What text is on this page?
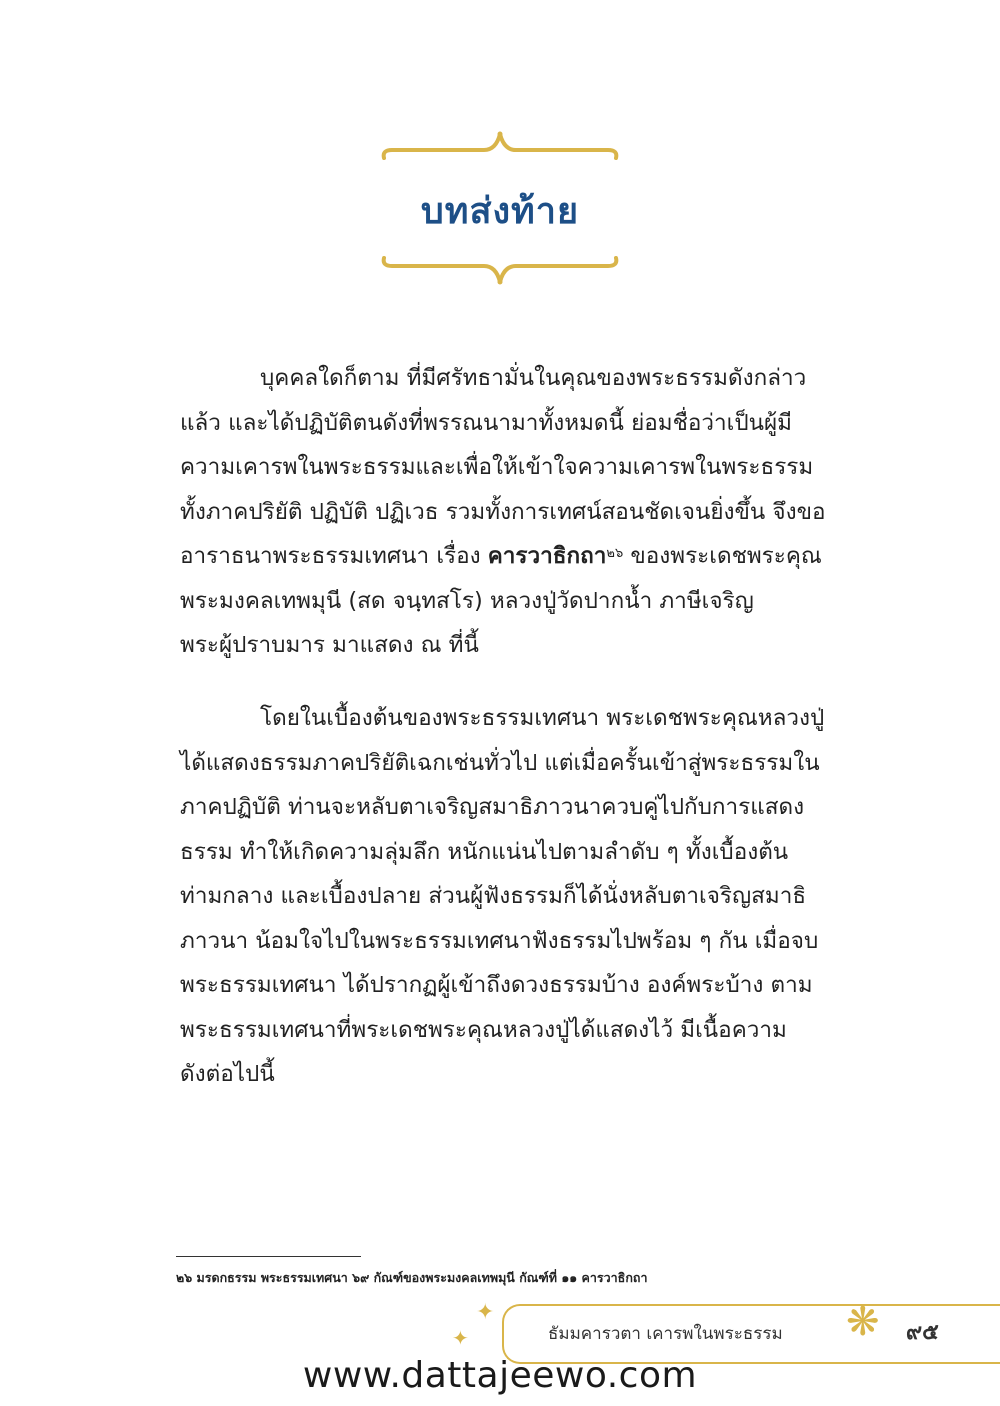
บทส่งท้าย
บุคคลใดก็ตาม ที่มีศรัทธามั่นในคุณของพระธรรมดังกล่าว
แล้ว และได้ปฏิบัติตนดังที่พรรณนามาทั้งหมดนี้ ย่อมชื่อว่าเป็นผู้มี
ความเคารพในพระธรรมและเพื่อให้เข้าใจความเคารพในพระธรรม
ทั้งภาคปริยัติ ปฏิบัติ ปฏิเวธ รวมทั้งการเทศน์สอนชัดเจนยิ่งขึ้น จึงขอ
อาราธนาพระธรรมเทศนา เรื่อง คารวาธิกถา$^{๒๖}$ ของพระเดชพระคุณ
พระมงคลเทพมุนี (สด จนฺทสโร) หลวงปู่วัดปากน้ำ ภาษีเจริญ
พระผู้ปราบมาร มาแสดง ณ ที่นี้
โดยในเบื้องต้นของพระธรรมเทศนา พระเดชพระคุณหลวงปู่
ได้แสดงธรรมภาคปริยัติเฉกเช่นทั่วไป แต่เมื่อครั้นเข้าสู่พระธรรมใน
ภาคปฏิบัติ ท่านจะหลับตาเจริญสมาธิภาวนาควบคู่ไปกับการแสดง
ธรรม ทำให้เกิดความลุ่มลึก หนักแน่นไปตามลำดับ ๆ ทั้งเบื้องต้น
ท่ามกลาง และเบื้องปลาย ส่วนผู้ฟังธรรมก็ได้นั่งหลับตาเจริญสมาธิ
ภาวนา น้อมใจไปในพระธรรมเทศนาฟังธรรมไปพร้อม ๆ กัน เมื่อจบ
พระธรรมเทศนา ได้ปรากฏผู้เข้าถึงดวงธรรมบ้าง องค์พระบ้าง ตาม
พระธรรมเทศนาที่พระเดชพระคุณหลวงปู่ได้แสดงไว้ มีเนื้อความ
ดังต่อไปนี้
๒๖ มรดกธรรม พระธรรมเทศนา ๖๙ กัณฑ์ของพระมงคลเทพมุนี กัณฑ์ที่ ๑๑ คารวาธิกถา
✦
✦	ธัมมคารวตา เคารพในพระธรรม ❋ ๙๕
www.dattajeewo.com
